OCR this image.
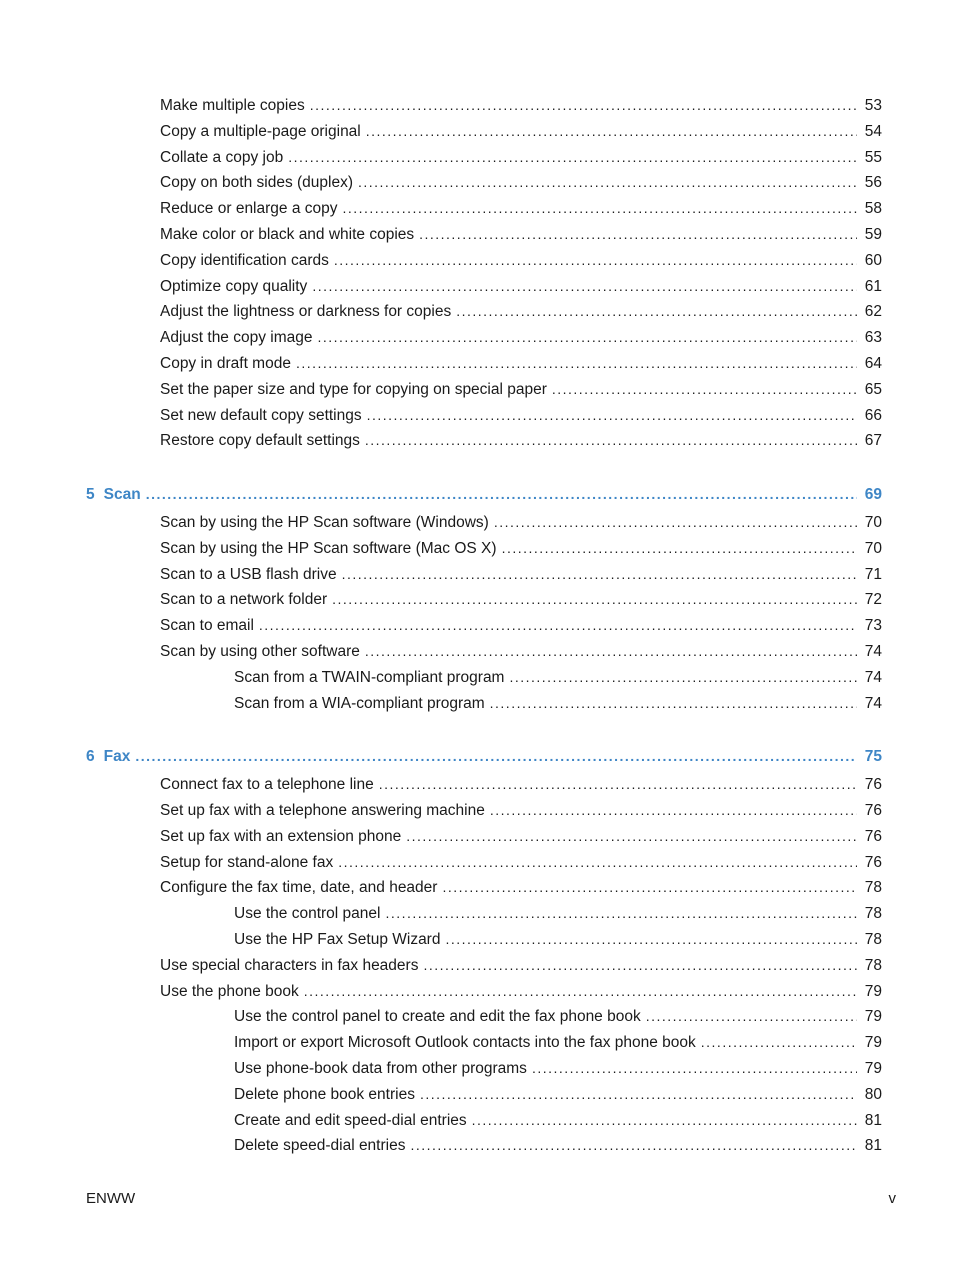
Make multiple copies . . .	53
Copy a multiple-page original . . .	54
Collate a copy job . . .	55
Copy on both sides (duplex) . . .	56
Reduce or enlarge a copy . . .	58
Make color or black and white copies . . .	59
Copy identification cards . . .	60
Optimize copy quality . . .	61
Adjust the lightness or darkness for copies . . .	62
Adjust the copy image . . .	63
Copy in draft mode . . .	64
Set the paper size and type for copying on special paper . . .	65
Set new default copy settings . . .	66
Restore copy default settings . . .	67
5 Scan . . .	69
Scan by using the HP Scan software (Windows) . . .	70
Scan by using the HP Scan software (Mac OS X) . . .	70
Scan to a USB flash drive . . .	71
Scan to a network folder . . .	72
Scan to email . . .	73
Scan by using other software . . .	74
Scan from a TWAIN-compliant program . . .	74
Scan from a WIA-compliant program . . .	74
6 Fax . . .	75
Connect fax to a telephone line . . .	76
Set up fax with a telephone answering machine . . .	76
Set up fax with an extension phone . . .	76
Setup for stand-alone fax . . .	76
Configure the fax time, date, and header . . .	78
Use the control panel . . .	78
Use the HP Fax Setup Wizard . . .	78
Use special characters in fax headers . . .	78
Use the phone book . . .	79
Use the control panel to create and edit the fax phone book . . .	79
Import or export Microsoft Outlook contacts into the fax phone book . . .	79
Use phone-book data from other programs . . .	79
Delete phone book entries . . .	80
Create and edit speed-dial entries . . .	81
Delete speed-dial entries . . .	81
ENWW	v
